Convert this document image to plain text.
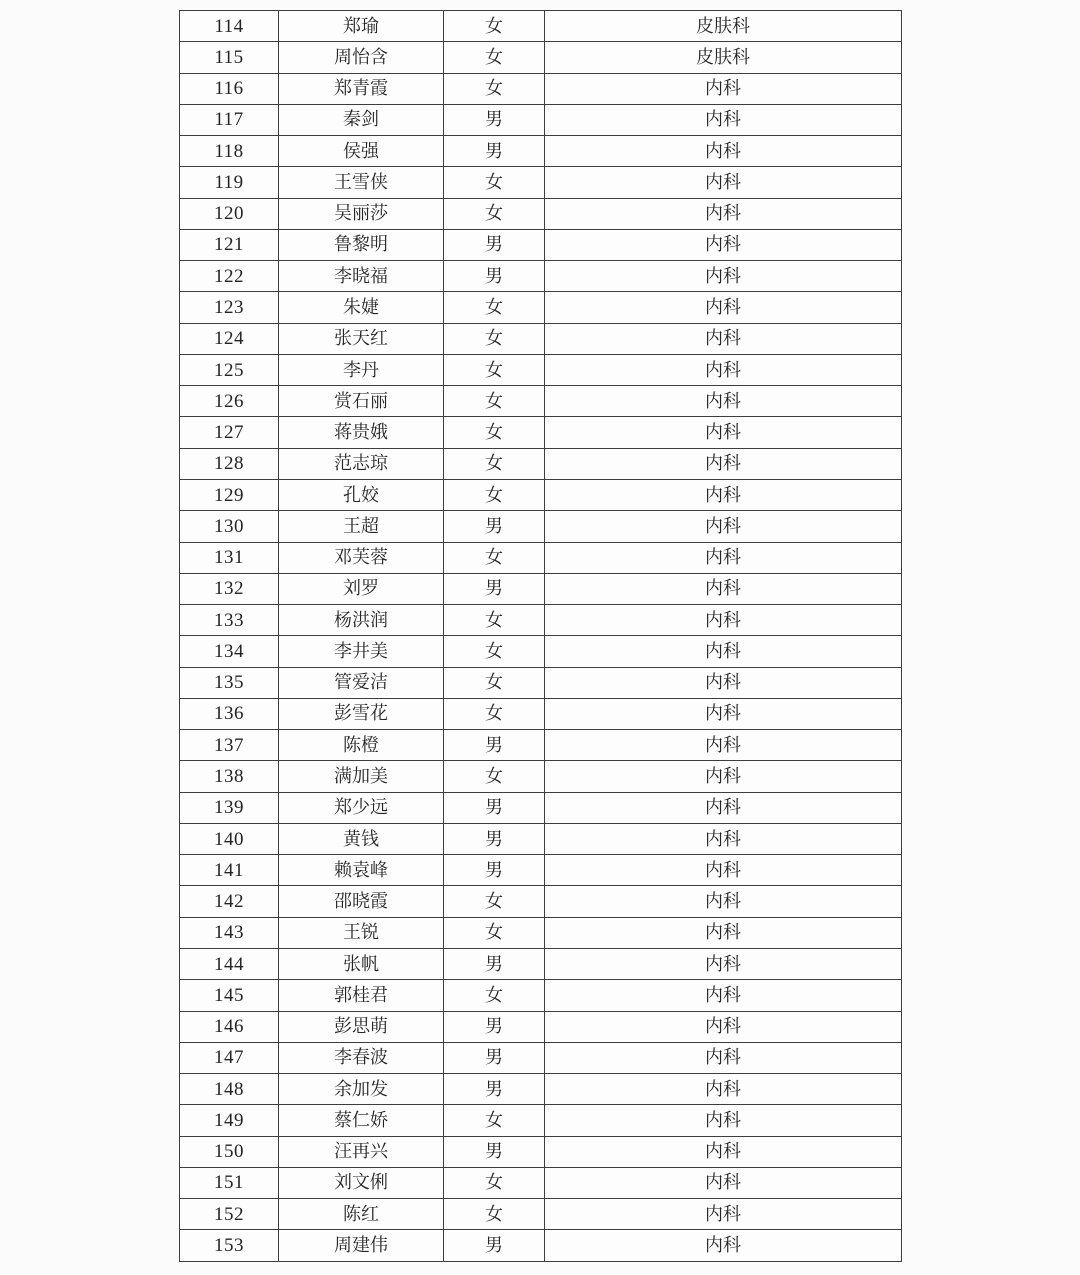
114	郑瑜	女	皮肤科
115	周怡含	女	皮肤科
116	郑青霞	女	内科
117	秦剑	男	内科
118	侯强	男	内科
119	王雪侠	女	内科
120	吴丽莎	女	内科
121	鲁黎明	男	内科
122	李晓福	男	内科
123	朱婕	女	内科
124	张天红	女	内科
125	李丹	女	内科
126	赏石丽	女	内科
127	蒋贵娥	女	内科
128	范志琼	女	内科
129	孔姣	女	内科
130	王超	男	内科
131	邓芙蓉	女	内科
132	刘罗	男	内科
133	杨洪润	女	内科
134	李井美	女	内科
135	管爱洁	女	内科
136	彭雪花	女	内科
137	陈橙	男	内科
138	满加美	女	内科
139	郑少远	男	内科
140	黄钱	男	内科
141	赖袁峰	男	内科
142	邵晓霞	女	内科
143	王锐	女	内科
144	张帆	男	内科
145	郭桂君	女	内科
146	彭思萌	男	内科
147	李春波	男	内科
148	余加发	男	内科
149	蔡仁娇	女	内科
150	汪再兴	男	内科
151	刘文俐	女	内科
152	陈红	女	内科
153	周建伟	男	内科
